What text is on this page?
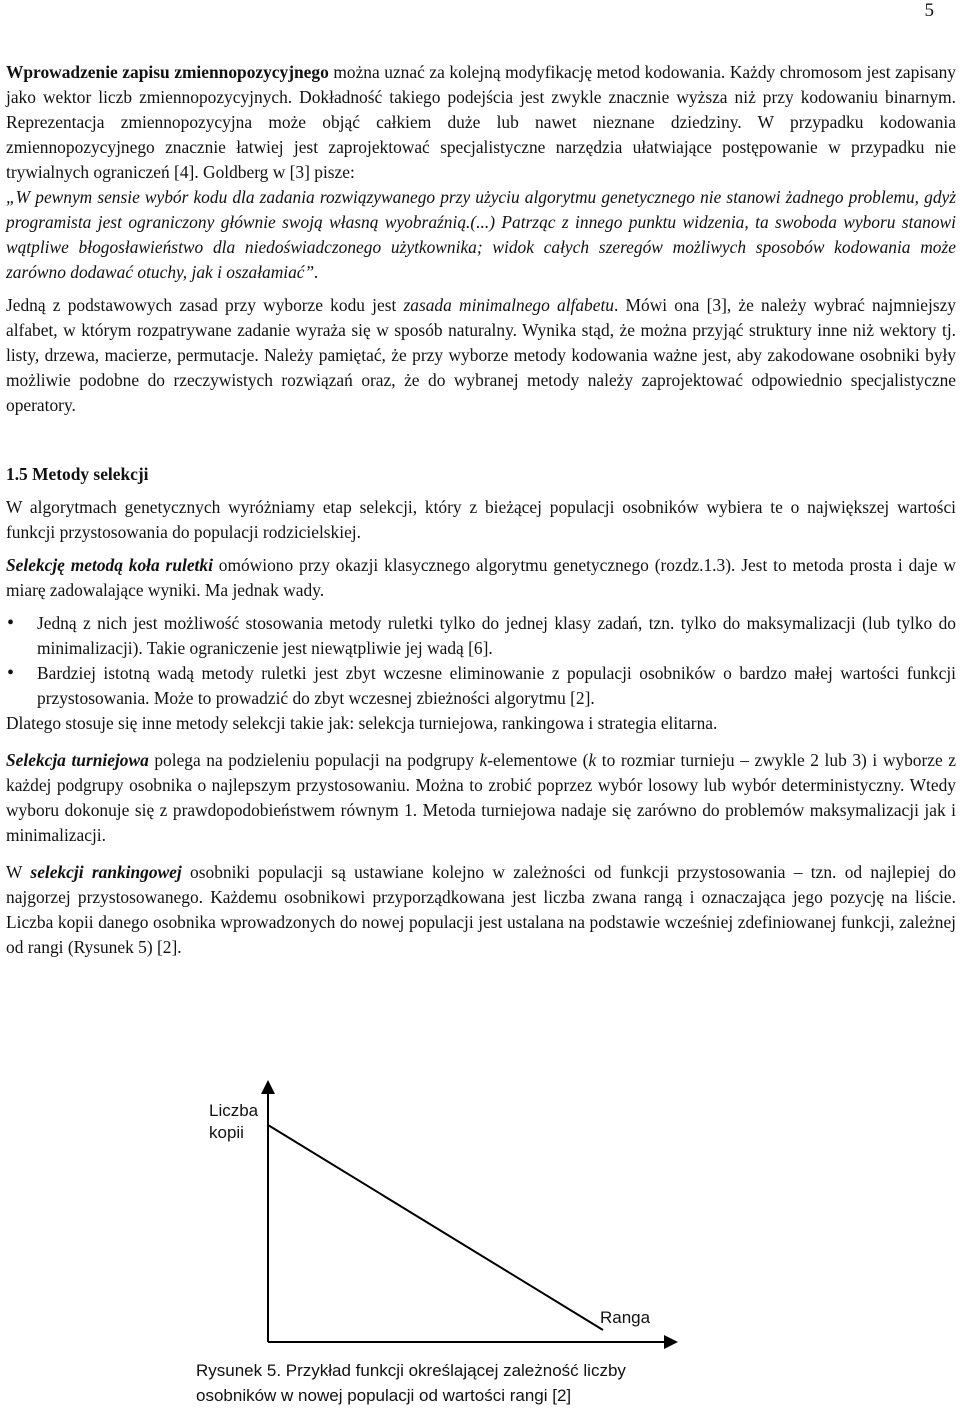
5

Wprowadzenie zapisu zmiennopozycyjnego można uznać za kolejną modyfikację metod kodowania. Każdy chromosom jest zapisany jako wektor liczb zmiennopozycyjnych. Dokładność takiego podejścia jest zwykle znacznie wyższa niż przy kodowaniu binarnym. Reprezentacja zmiennopozycyjna może objąć całkiem duże lub nawet nieznane dziedziny. W przypadku kodowania zmiennopozycyjnego znacznie łatwiej jest zaprojektować specjalistyczne narzędzia ułatwiające postępowanie w przypadku nie trywialnych ograniczeń [4]. Goldberg w [3] pisze:

„W pewnym sensie wybór kodu dla zadania rozwiązywanego przy użyciu algorytmu genetycznego nie stanowi żadnego problemu, gdyż programista jest ograniczony głównie swoją własną wyobraźnią.(...) Patrząc z innego punktu widzenia, ta swoboda wyboru stanowi wątpliwe błogosławieństwo dla niedoświadczonego użytkownika; widok całych szeregów możliwych sposobów kodowania może zarówno dodawać otuchy, jak i oszałamiać”.

Jedną z podstawowych zasad przy wyborze kodu jest zasada minimalnego alfabetu. Mówi ona [3], że należy wybrać najmniejszy alfabet, w którym rozpatrywane zadanie wyraża się w sposób naturalny. Wynika stąd, że można przyjąć struktury inne niż wektory tj. listy, drzewa, macierze, permutacje. Należy pamiętać, że przy wyborze metody kodowania ważne jest, aby zakodowane osobniki były możliwie podobne do rzeczywistych rozwiązań oraz, że do wybranej metody należy zaprojektować odpowiednio specjalistyczne operatory.

1.5 Metody selekcji

W algorytmach genetycznych wyróżniamy etap selekcji, który z bieżącej populacji osobników wybiera te o największej wartości funkcji przystosowania do populacji rodzicielskiej.

Selekcję metodą koła ruletki omówiono przy okazji klasycznego algorytmu genetycznego (rozdz.1.3). Jest to metoda prosta i daje w miarę zadowalające wyniki. Ma jednak wady.

• Jedną z nich jest możliwość stosowania metody ruletki tylko do jednej klasy zadań, tzn. tylko do maksymalizacji (lub tylko do minimalizacji). Takie ograniczenie jest niewątpliwie jej wadą [6].
• Bardziej istotną wadą metody ruletki jest zbyt wczesne eliminowanie z populacji osobników o bardzo małej wartości funkcji przystosowania. Może to prowadzić do zbyt wczesnej zbieżności algorytmu [2].

Dlatego stosuje się inne metody selekcji takie jak: selekcja turniejowa, rankingowa i strategia elitarna.

Selekcja turniejowa polega na podzieleniu populacji na podgrupy k-elementowe (k to rozmiar turnieju – zwykle 2 lub 3) i wyborze z każdej podgrupy osobnika o najlepszym przystosowaniu. Można to zrobić poprzez wybór losowy lub wybór deterministyczny. Wtedy wyboru dokonuje się z prawdopodobieństwem równym 1. Metoda turniejowa nadaje się zarówno do problemów maksymalizacji jak i minimalizacji.

W selekcji rankingowej osobniki populacji są ustawiane kolejno w zależności od funkcji przystosowania – tzn. od najlepiej do najgorzej przystosowanego. Każdemu osobnikowi przyporządkowana jest liczba zwana rangą i oznaczająca jego pozycję na liście. Liczba kopii danego osobnika wprowadzonych do nowej populacji jest ustalana na podstawie wcześniej zdefiniowanej funkcji, zależnej od rangi (Rysunek 5) [2].

Liczba
kopii
Ranga
Rysunek 5. Przykład funkcji określającej zależność liczby
osobników w nowej populacji od wartości rangi [2]
